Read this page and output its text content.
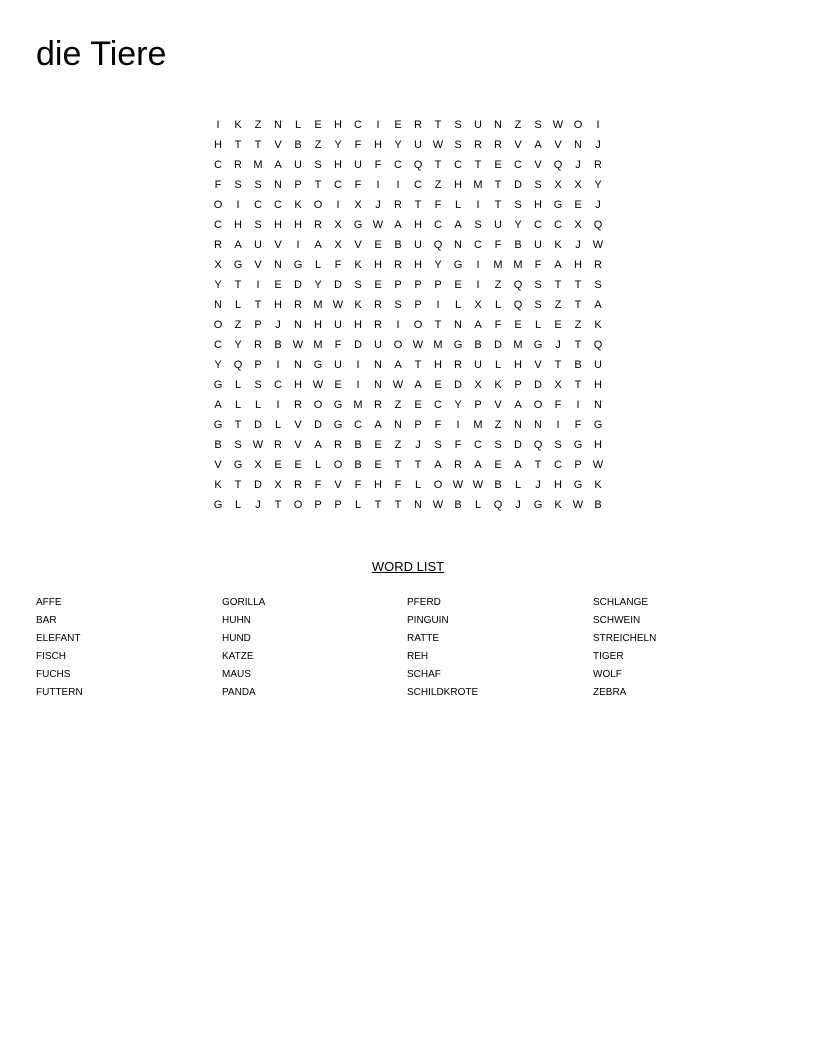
die Tiere
I	K	Z	N	L	E	H	C	I	E	R	T	S	U	N	Z	S	W O	I
H	T	T	V	B	Z	Y	F	H	Y	U W	S	R	R	V	A	V	N	J
C	R	M	A	U	S	H	U	F	C	Q	T	C	T	E	C	V	Q	J	R
F	S	S	N	P	T	C	F	I	I	C	Z	H	M	T	D	S	X	X	Y
O	I	C	C	K	O	I	X	J	R	T	F	L	I	T	S	H	G	E	J
C	H	S	H	H	R	X	G W	A	H	C	A	S	U	Y	C	C	X	Q
R	A	U	V	I	A	X	V	E	B	U	Q	N	C	F	B	U	K	J	W
X	G	V	N	G	L	F	K	H	R	H	Y	G	I	M M	F	A	H	R
Y	T	I	E	D	Y	D	S	E	P	P	P	E	I	Z	Q	S	T	T	S
N	L	T	H	R	M W	K	R	S	P	I	L	X	L	Q	S	Z	T	A
O	Z	P	J	N	H	U	H	R	I	O	T	N	A	F	E	L	E	Z	K
C	Y	R	B	W M	F	D	U	O W M	G	B	D	M	G	J	T	Q
Y	Q	P	I	N	G	U	I	N	A	T	H	R	U	L	H	V	T	B	U
G	L	S	C	H W	E	I	N W	A	E	D	X	K	P	D	X	T	H
A	L	L	I	R	O	G	M	R	Z	E	C	Y	P	V	A	O	F	I	N
G	T	D	L	V	D	G	C	A	N	P	F	I	M	Z	N	N	I	F	G
B	S	W R	V	A	R	B	E	Z	J	S	F	C	S	D	Q	S	G	H
V	G	X	E	E	L	O	B	E	T	T	A	R	A	E	A	T	C	P	W
K	T	D	X	R	F	V	F	H	F	L	O W W	B	L	J	H	G	K
G	L	J	T	O	P	P	L	T	T	N W	B	L	Q	J	G	K	W	B
WORD LIST
AFFE
BAR
ELEFANT
FISCH
FUCHS
FUTTERN
GORILLA
HUHN
HUND
KATZE
MAUS
PANDA
PFERD
PINGUIN
RATTE
REH
SCHAF
SCHILDKROTE
SCHLANGE
SCHWEIN
STREICHELN
TIGER
WOLF
ZEBRA
